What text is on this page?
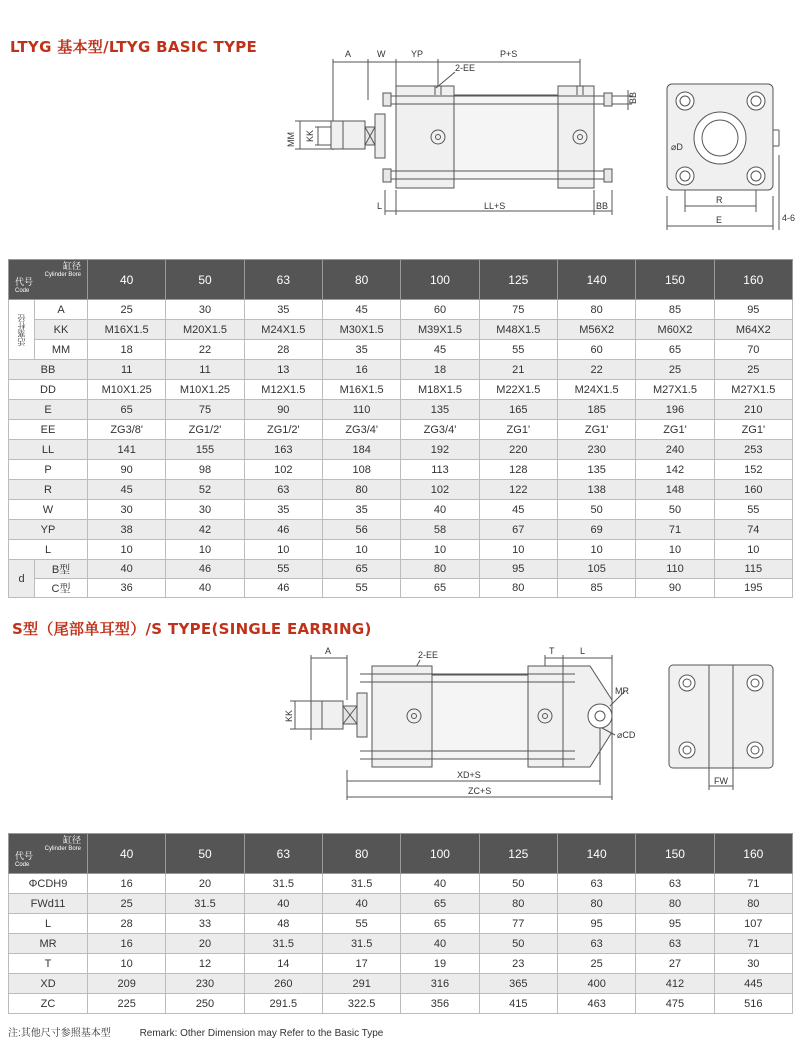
LTYG 基本型/LTYG BASIC TYPE	A	W	YP	P+S
2-EE
BB
MM KK
L	LL+S	BB
⌀D
R
E	4-6
缸径
Cylinder Bore
代号
Code		40	50	63	80	100	125	140	150	160

活塞杆径	A	25	30	35	45	60	75	80	85	95
	KK	M16X1.5	M20X1.5	M24X1.5	M30X1.5	M39X1.5	M48X1.5	M56X2	M60X2	M64X2
	MM	18	22	28	35	45	55	60	65	70
BB		11	11	13	16	18	21	22	25	25
DD		M10X1.25	M10X1.25	M12X1.5	M16X1.5	M18X1.5	M22X1.5	M24X1.5	M27X1.5	M27X1.5
E		65	75	90	110	135	165	185	196	210
EE		ZG3/8'	ZG1/2'	ZG1/2'	ZG3/4'	ZG3/4'	ZG1'	ZG1'	ZG1'	ZG1'
LL		141	155	163	184	192	220	230	240	253
P		90	98	102	108	113	128	135	142	152
R		45	52	63	80	102	122	138	148	160
W		30	30	35	35	40	45	50	50	55
YP		38	42	46	56	58	67	69	71	74
L		10	10	10	10	10	10	10	10	10
d	B型	40	46	55	65	80	95	105	110	115
	C型	36	40	46	55	65	80	85	90	195
S型（尾部单耳型）/S TYPE(SINGLE EARRING)
A	2-EE	T	L
MR
⌀CD
KK
XD+S
ZC+S
FW
缸径
Cylinder Bore
代号
Code	40	50	63	80	100	125	140	150	160
ΦCDH9	16	20	31.5	31.5	40	50	63	63	71
FWd11	25	31.5	40	40	65	80	80	80	80
L	28	33	48	55	65	77	95	95	107
MR	16	20	31.5	31.5	40	50	63	63	71
T	10	12	14	17	19	23	25	27	30
XD	209	230	260	291	316	365	400	412	445
ZC	225	250	291.5	322.5	356	415	463	475	516
注:其他尺寸参照基本型	Remark: Other Dimension may Refer to the Basic Type
